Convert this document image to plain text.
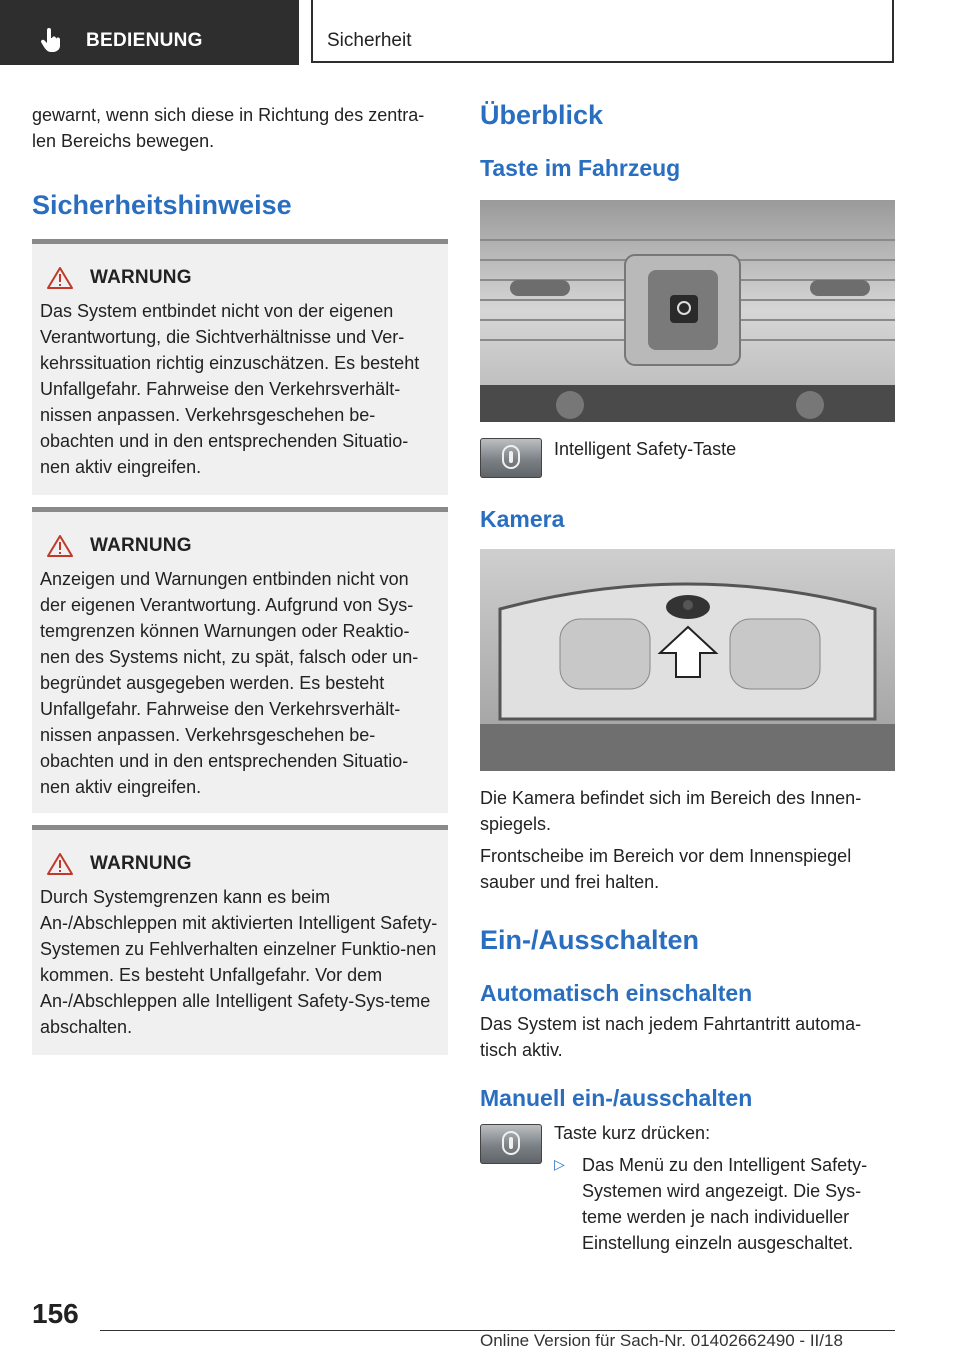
BEDIENUNG	Sicherheit

gewarnt, wenn sich diese in Richtung des zentra-len Bereichs bewegen.

Sicherheitshinweise
WARNUNG

Das System entbindet nicht von der eigenen Verantwortung, die Sichtverhältnisse und Ver-kehrssituation richtig einzuschätzen. Es besteht Unfallgefahr. Fahrweise den Verkehrsverhält-nissen anpassen. Verkehrsgeschehen be-obachten und in den entsprechenden Situatio-nen aktiv eingreifen.

WARNUNG

Anzeigen und Warnungen entbinden nicht von der eigenen Verantwortung. Aufgrund von Sys-temgrenzen können Warnungen oder Reaktio-nen des Systems nicht, zu spät, falsch oder un-begründet ausgegeben werden. Es besteht Unfallgefahr. Fahrweise den Verkehrsverhält-nissen anpassen. Verkehrsgeschehen be-obachten und in den entsprechenden Situatio-nen aktiv eingreifen.

WARNUNG

Durch Systemgrenzen kann es beim An-/Abschleppen mit aktivierten Intelligent Safety-Systemen zu Fehlverhalten einzelner Funktio-nen kommen. Es besteht Unfallgefahr. Vor dem An-/Abschleppen alle Intelligent Safety-Sys-teme abschalten.

Überblick
Taste im Fahrzeug

Intelligent Safety-Taste

Kamera

Die Kamera befindet sich im Bereich des Innen-spiegels.

Frontscheibe im Bereich vor dem Innenspiegel sauber und frei halten.

Ein-/Ausschalten
Automatisch einschalten

Das System ist nach jedem Fahrtantritt automa-tisch aktiv.

Manuell ein-/ausschalten

Taste kurz drücken:

▷ Das Menü zu den Intelligent Safety-Systemen wird angezeigt. Die Sys-teme werden je nach individueller Einstellung einzeln ausgeschaltet.

156
Online Version für Sach-Nr. 01402662490 - II/18
